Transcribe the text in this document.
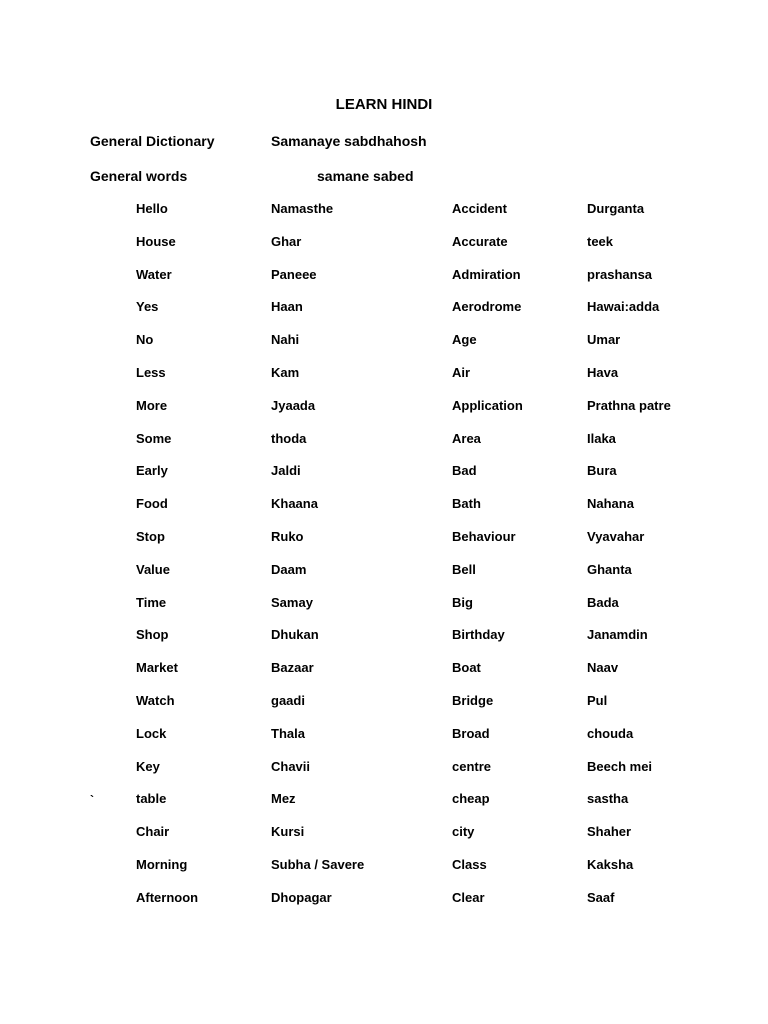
LEARN HINDI
General Dictionary	Samanaye sabdhahosh
General words	samane sabed
`
Hello	Namasthe	Accident	Durganta
House	Ghar	Accurate	teek
Water	Paneee	Admiration	prashansa
Yes	Haan	Aerodrome	Hawai:adda
No	Nahi	Age	Umar
Less	Kam	Air	Hava
More	Jyaada	Application	Prathna patre
Some	thoda	Area	Ilaka
Early	Jaldi	Bad	Bura
Food	Khaana	Bath	Nahana
Stop	Ruko	Behaviour	Vyavahar
Value	Daam	Bell	Ghanta
Time	Samay	Big	Bada
Shop	Dhukan	Birthday	Janamdin
Market	Bazaar	Boat	Naav
Watch	gaadi	Bridge	Pul
Lock	Thala	Broad	chouda
Key	Chavii	centre	Beech mei
table	Mez	cheap	sastha
Chair	Kursi	city	Shaher
Morning	Subha / Savere	Class	Kaksha
Afternoon	Dhopagar	Clear	Saaf
